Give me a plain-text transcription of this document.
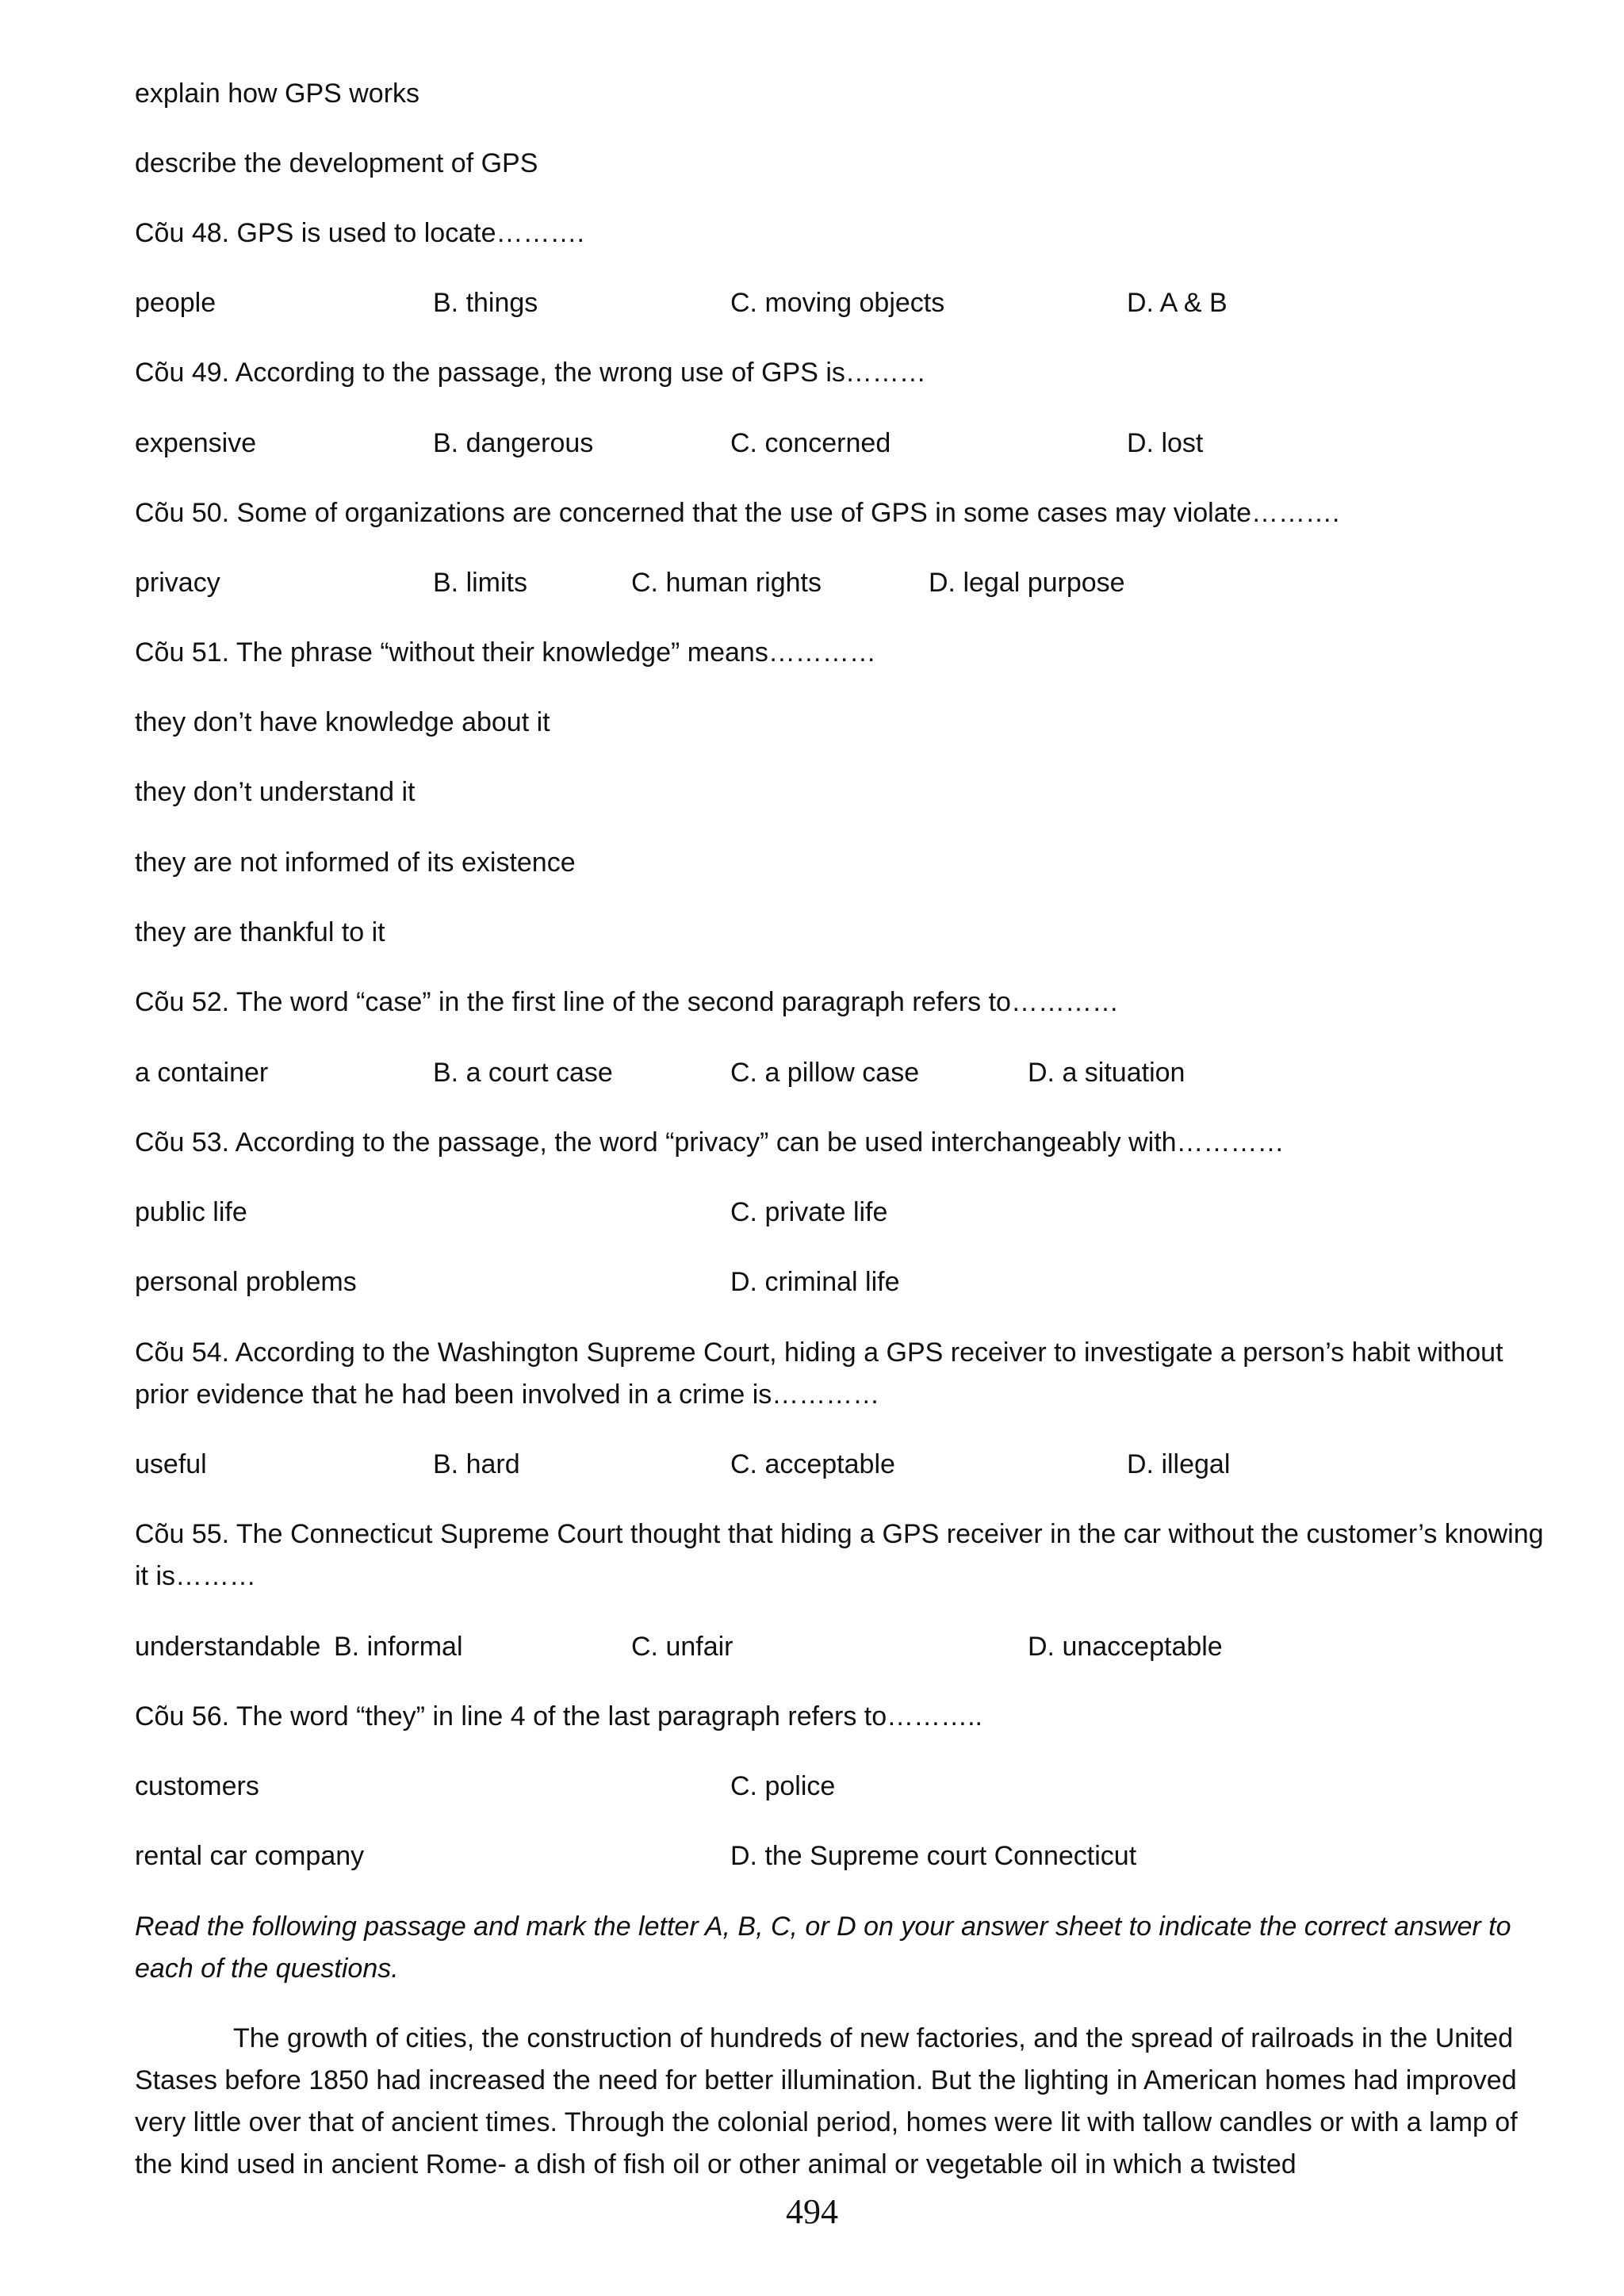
explain how GPS works
describe the development of GPS
Cõu 48. GPS is used to locate……….
people	B. things	C. moving objects	D. A & B
Cõu 49. According to the passage, the wrong use of GPS is………
expensive	B. dangerous	C. concerned	D. lost
Cõu 50. Some of organizations are concerned that the use of GPS in some cases may violate……….
privacy	B. limits	C. human rights	D. legal purpose
Cõu 51. The phrase “without their knowledge” means…………
they don’t have knowledge about it
they don’t understand it
they are not informed of its existence
they are thankful to it
Cõu 52. The word “case” in the first line of the second paragraph refers to…………
a container	B. a court case	C. a pillow case	D. a situation
Cõu 53. According to the passage, the word “privacy” can be used interchangeably with…………
public life	C. private life
personal problems	D. criminal life
Cõu 54. According to the Washington Supreme Court, hiding a GPS receiver to investigate a person’s habit without prior evidence that he had been involved in a crime is…………
useful	B. hard	C. acceptable	D. illegal
Cõu 55. The Connecticut Supreme Court thought that hiding a GPS receiver in the car without the customer’s knowing it is………
understandable B. informal	C. unfair	D. unacceptable
Cõu 56. The word “they” in line 4 of the last paragraph refers to………..
customers	C. police
rental car company	D. the Supreme court Connecticut
Read the following passage and mark the letter A, B, C, or D on your answer sheet to indicate the correct answer to each of the questions.
The growth of cities, the construction of hundreds of new factories, and the spread of railroads in the United Stases before 1850 had increased the need for better illumination. But the lighting in American homes had improved very little over that of ancient times. Through the colonial period, homes were lit with tallow candles or with a lamp of the kind used in ancient Rome- a dish of fish oil or other animal or vegetable oil in which a twisted
494
